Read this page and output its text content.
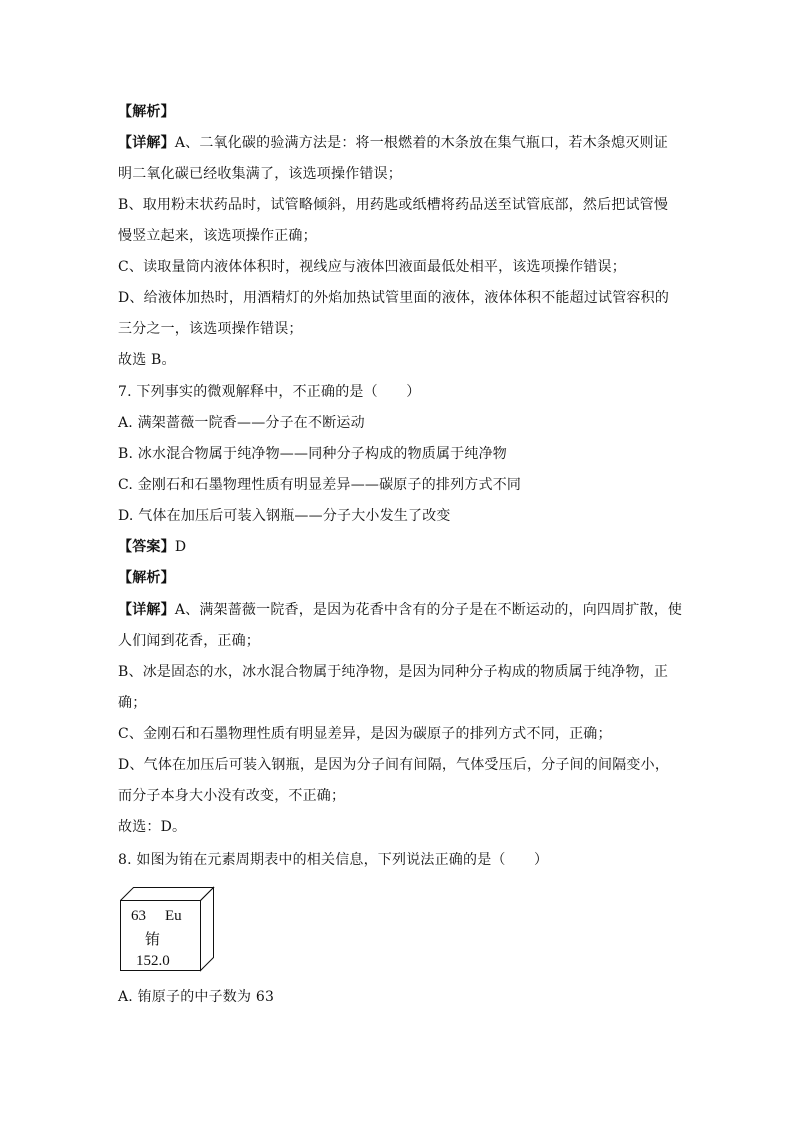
【解析】
【详解】A、二氧化碳的验满方法是：将一根燃着的木条放在集气瓶口，若木条熄灭则证
明二氧化碳已经收集满了，该选项操作错误；
B、取用粉末状药品时，试管略倾斜，用药匙或纸槽将药品送至试管底部，然后把试管慢
慢竖立起来，该选项操作正确；
C、读取量筒内液体体积时，视线应与液体凹液面最低处相平，该选项操作错误；
D、给液体加热时，用酒精灯的外焰加热试管里面的液体，液体体积不能超过试管容积的
三分之一，该选项操作错误；
故选 B。
7. 下列事实的微观解释中，不正确的是（　　）
A. 满架蔷薇一院香——分子在不断运动
B. 冰水混合物属于纯净物——同种分子构成的物质属于纯净物
C. 金刚石和石墨物理性质有明显差异——碳原子的排列方式不同
D. 气体在加压后可装入钢瓶——分子大小发生了改变
【答案】D
【解析】
【详解】A、满架蔷薇一院香，是因为花香中含有的分子是在不断运动的，向四周扩散，使
人们闻到花香，正确；
B、冰是固态的水，冰水混合物属于纯净物，是因为同种分子构成的物质属于纯净物，正
确；
C、金刚石和石墨物理性质有明显差异，是因为碳原子的排列方式不同，正确；
D、气体在加压后可装入钢瓶，是因为分子间有间隔，气体受压后，分子间的间隔变小，
而分子本身大小没有改变，不正确；
故选：D。
8. 如图为铕在元素周期表中的相关信息，下列说法正确的是（　　）
63 Eu
铕
152.0
A. 铕原子的中子数为 63
